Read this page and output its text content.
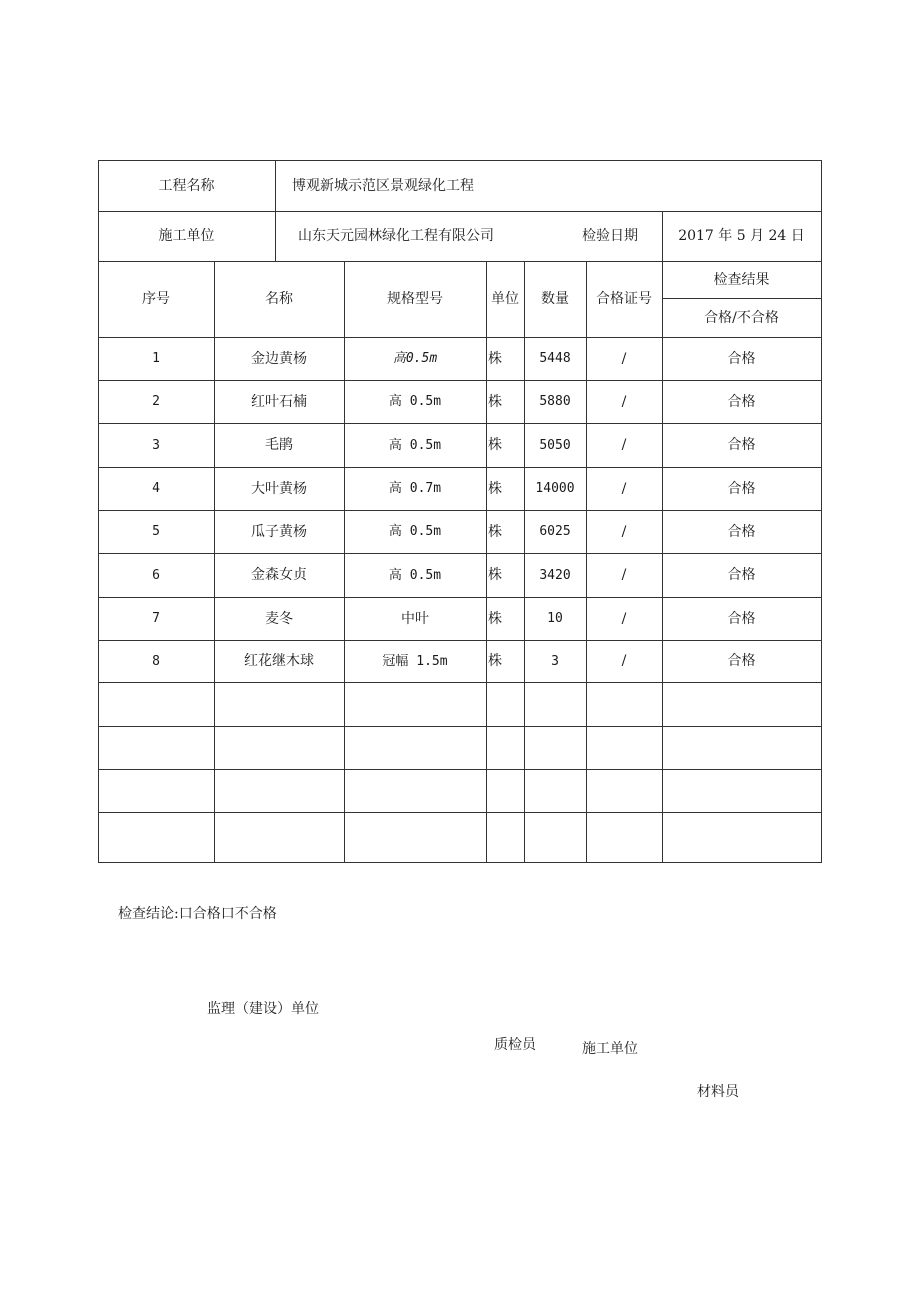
工程名称	博观新城示范区景观绿化工程
施工单位	山东天元园林绿化工程有限公司	检验日期	2017 年 5 月 24 日
序号	名称	规格型号	单位	数量	合格证号
检查结果
合格/不合格
1	金边黄杨	高0.5m	株	5448	/	合格
2	红叶石楠	高 0.5m	株	5880	/	合格
3	毛鹃	高 0.5m	株	5050	/	合格
4	大叶黄杨	高 0.7m	株	14000	/	合格
5	瓜子黄杨	高 0.5m	株	6025	/	合格
6	金森女贞	高 0.5m	株	3420	/	合格
7	麦冬	中叶	株	10	/	合格
8	红花继木球	冠幅 1.5m	株	3	/	合格
检查结论:口合格口不合格
监理（建设）单位
质检员	施工单位
材料员
